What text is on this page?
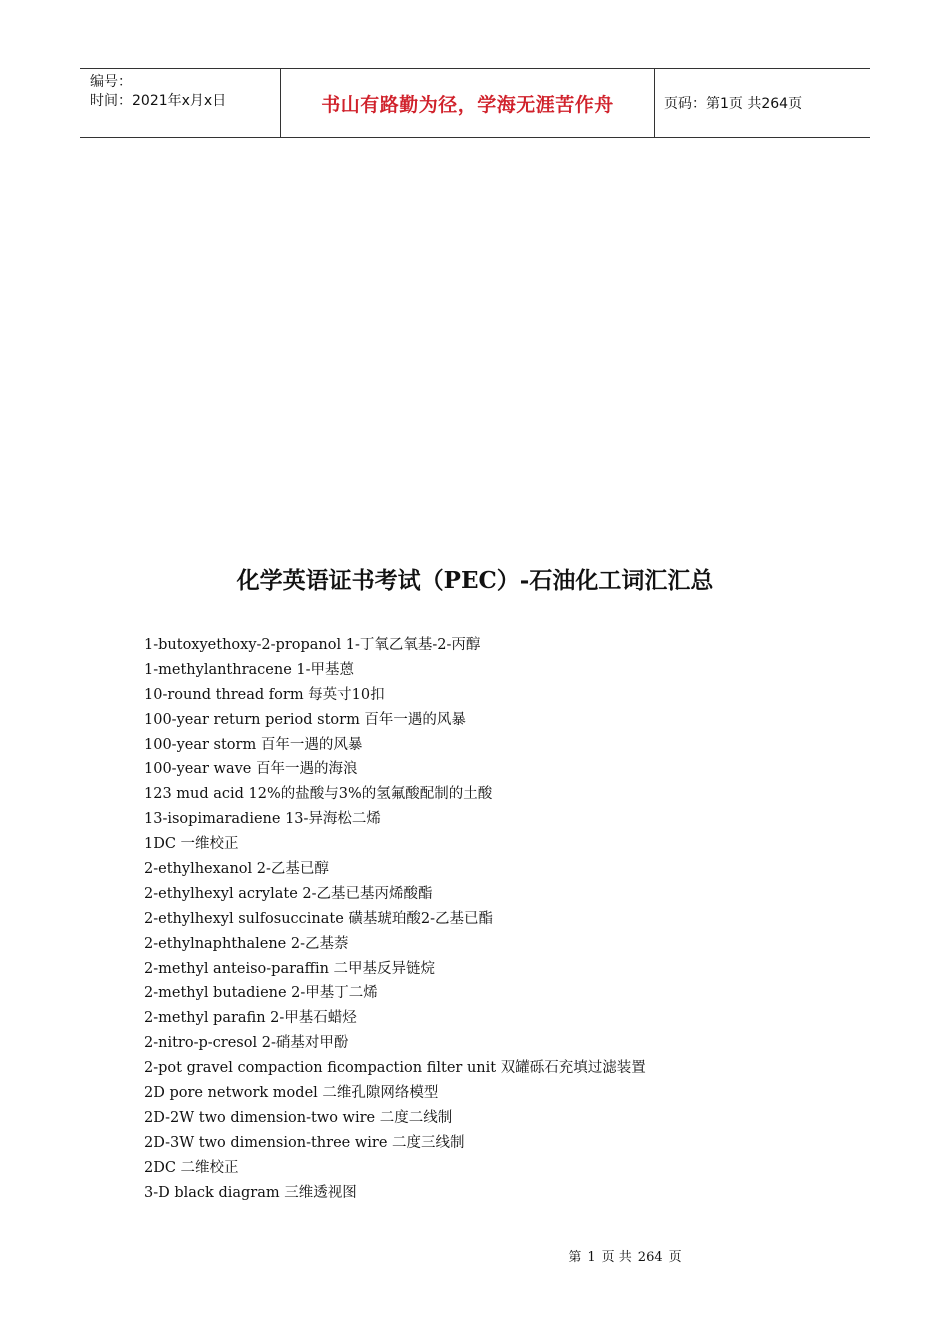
编号：
时间：2021年x月x日	书山有路勤为径，学海无涯苦作舟	页码：第1页 共264页
化学英语证书考试（PEC）-石油化工词汇汇总
1-butoxyethoxy-2-propanol 1-丁氧乙氧基-2-丙醇
1-methylanthracene 1-甲基蒽
10-round thread form 每英寸10扣
100-year return period storm 百年一遇的风暴
100-year storm 百年一遇的风暴
100-year wave 百年一遇的海浪
123 mud acid 12%的盐酸与3%的氢氟酸配制的土酸
13-isopimaradiene 13-异海松二烯
1DC 一维校正
2-ethylhexanol 2-乙基已醇
2-ethylhexyl acrylate 2-乙基已基丙烯酸酯
2-ethylhexyl sulfosuccinate 磺基琥珀酸2-乙基已酯
2-ethylnaphthalene 2-乙基萘
2-methyl anteiso-paraffin 二甲基反异链烷
2-methyl butadiene 2-甲基丁二烯
2-methyl parafin 2-甲基石蜡烃
2-nitro-p-cresol 2-硝基对甲酚
2-pot gravel compaction ficompaction filter unit 双罐砾石充填过滤装置
2D pore network model 二维孔隙网络模型
2D-2W two dimension-two wire 二度二线制
2D-3W two dimension-three wire 二度三线制
2DC 二维校正
3-D black diagram 三维透视图
第 1 页 共 264 页
